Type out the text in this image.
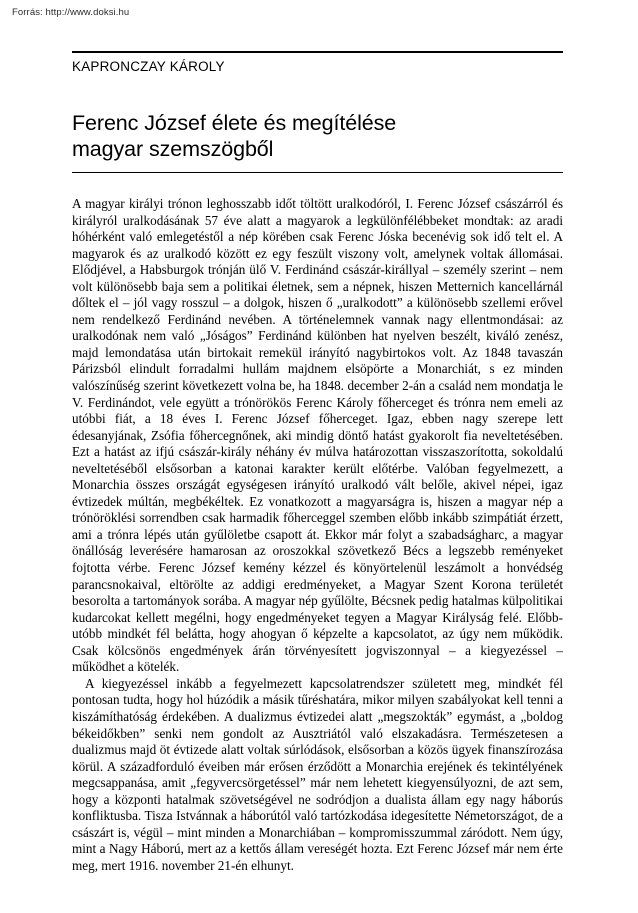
Forrás: http://www.doksi.hu
KAPRONCZAY KÁROLY
Ferenc József élete és megítélése
magyar szemszögből

A magyar királyi trónon leghosszabb időt töltött uralkodóról, I. Ferenc József császárról és királyról uralkodásának 57 éve alatt a magyarok a legkülönfélébbeket mondtak: az aradi hóhérként való emlegetéstől a nép körében csak Ferenc Jóska becenévig sok idő telt el. A magyarok és az uralkodó között ez egy feszült viszony volt, amelynek voltak állomásai. Elődjével, a Habsburgok trónján ülő V. Ferdinánd császár-királlyal – személy szerint – nem volt különösebb baja sem a politikai életnek, sem a népnek, hiszen Metternich kancellárnál dőltek el – jól vagy rosszul – a dolgok, hiszen ő „uralkodott” a különösebb szellemi erővel nem rendelkező Ferdinánd nevében. A történelemnek vannak nagy ellentmondásai: az uralkodónak nem való „Jóságos” Ferdinánd különben hat nyelven beszélt, kiváló zenész, majd lemondatása után birtokait remekül irányító nagybirtokos volt. Az 1848 tavaszán Párizsból elindult forradalmi hullám majdnem elsöpörte a Monarchiát, s ez minden valószínűség szerint következett volna be, ha 1848. december 2-án a család nem mondatja le V. Ferdinándot, vele együtt a trónörökös Ferenc Károly főherceget és trónra nem emeli az utóbbi fiát, a 18 éves I. Ferenc József főherceget. Igaz, ebben nagy szerepe lett édesanyjának, Zsófia főhercegnőnek, aki mindig döntő hatást gyakorolt fia neveltetésében. Ezt a hatást az ifjú császár-király néhány év múlva határozottan visszaszorította, sokoldalú neveltetéséből elsősorban a katonai karakter került előtérbe. Valóban fegyelmezett, a Monarchia összes országát egységesen irányító uralkodó vált belőle, akivel népei, igaz évtizedek múltán, megbékéltek. Ez vonatkozott a magyarságra is, hiszen a magyar nép a trónöröklési sorrendben csak harmadik főherceggel szemben előbb inkább szimpátiát érzett, ami a trónra lépés után gyűlöletbe csapott át. Ekkor már folyt a szabadságharc, a magyar önállóság leverésére hamarosan az oroszokkal szövetkező Bécs a legszebb reményeket fojtotta vérbe. Ferenc József kemény kézzel és könyörtelenül leszámolt a honvédség parancsnokaival, eltörölte az addigi eredményeket, a Magyar Szent Korona területét besorolta a tartományok sorába. A magyar nép gyűlölte, Bécsnek pedig hatalmas külpolitikai kudarcokat kellett megélni, hogy engedményeket tegyen a Magyar Királyság felé. Előbb-utóbb mindkét fél belátta, hogy ahogyan ő képzelte a kapcsolatot, az úgy nem működik. Csak kölcsönös engedmények árán törvényesített jogviszonnyal – a kiegyezéssel – működhet a kötelék.

A kiegyezéssel inkább a fegyelmezett kapcsolatrendszer született meg, mindkét fél pontosan tudta, hogy hol húzódik a másik tűréshatára, mikor milyen szabályokat kell tenni a kiszámíthatóság érdekében. A dualizmus évtizedei alatt „megszokták” egymást, a „boldog békeidőkben” senki nem gondolt az Ausztriától való elszakadásra. Természetesen a dualizmus majd öt évtizede alatt voltak súrlódások, elsősorban a közös ügyek finanszírozása körül. A századforduló éveiben már erősen érződött a Monarchia erejének és tekintélyének megcsappanása, amit „fegyvercsörgetéssel” már nem lehetett kiegyensúlyozni, de azt sem, hogy a központi hatalmak szövetségével ne sodródjon a dualista állam egy nagy háborús konfliktusba. Tisza Istvánnak a háborútól való tartózkodása idegesítette Németországot, de a császárt is, végül – mint minden a Monarchiában – kompromisszummal záródott. Nem úgy, mint a Nagy Háború, mert az a kettős állam vereségét hozta. Ezt Ferenc József már nem érte meg, mert 1916. november 21-én elhunyt.
